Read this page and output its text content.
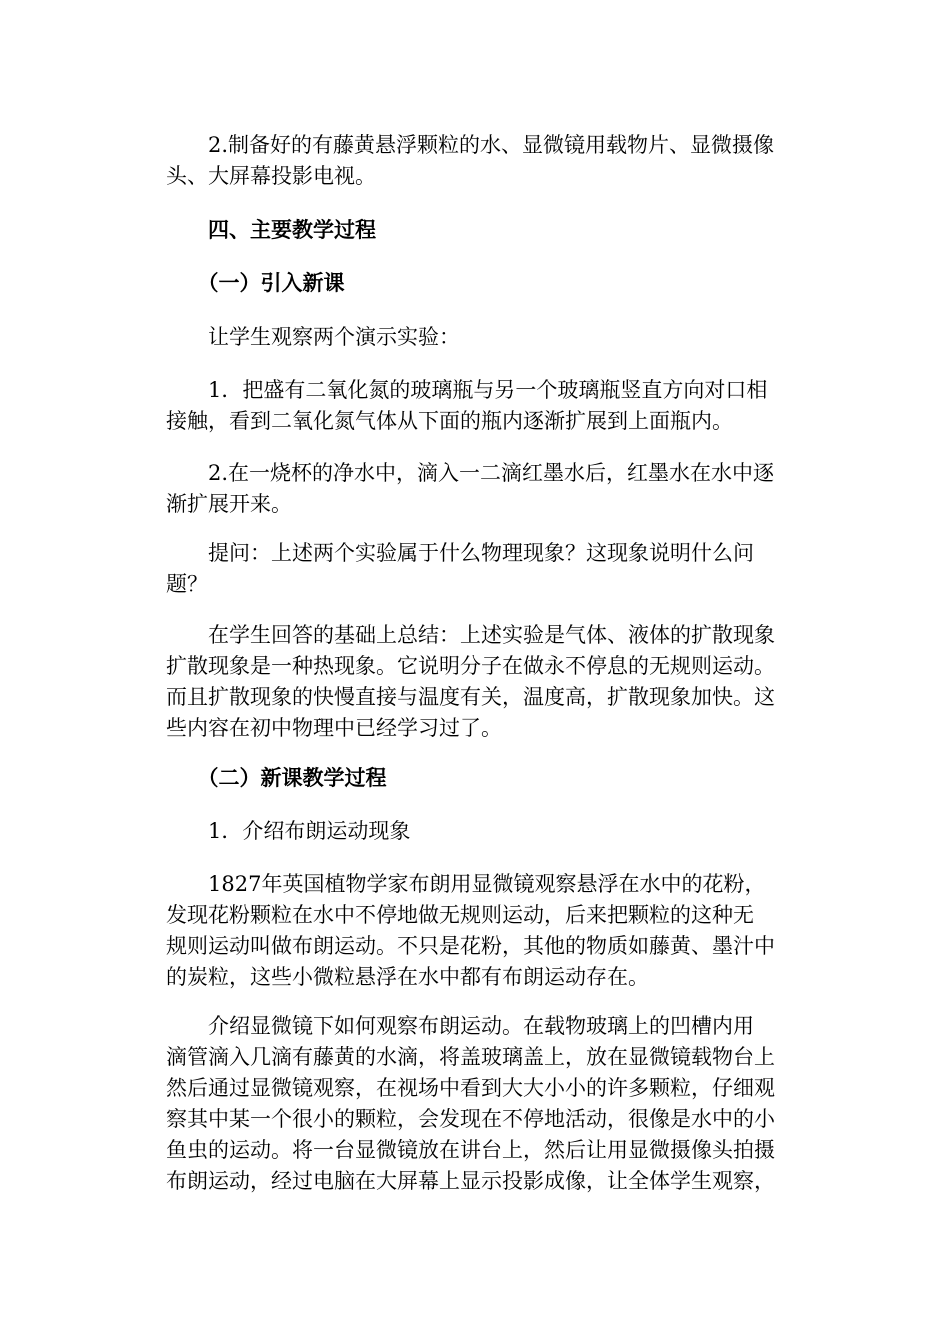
　　2.制备好的有藤黄悬浮颗粒的水、显微镜用载物片、显微摄像
头、大屏幕投影电视。
　　四、主要教学过程
　　（一）引入新课
　　让学生观察两个演示实验：
　　1．把盛有二氧化氮的玻璃瓶与另一个玻璃瓶竖直方向对口相
接触，看到二氧化氮气体从下面的瓶内逐渐扩展到上面瓶内。
　　2.在一烧杯的净水中，滴入一二滴红墨水后，红墨水在水中逐
渐扩展开来。
　　提问：上述两个实验属于什么物理现象？这现象说明什么问
题？
　　在学生回答的基础上总结：上述实验是气体、液体的扩散现象
扩散现象是一种热现象。它说明分子在做永不停息的无规则运动。
而且扩散现象的快慢直接与温度有关，温度高，扩散现象加快。这
些内容在初中物理中已经学习过了。
　　（二）新课教学过程
　　1．介绍布朗运动现象
　　1827年英国植物学家布朗用显微镜观察悬浮在水中的花粉，
发现花粉颗粒在水中不停地做无规则运动，后来把颗粒的这种无
规则运动叫做布朗运动。不只是花粉，其他的物质如藤黄、墨汁中
的炭粒，这些小微粒悬浮在水中都有布朗运动存在。
　　介绍显微镜下如何观察布朗运动。在载物玻璃上的凹槽内用
滴管滴入几滴有藤黄的水滴，将盖玻璃盖上，放在显微镜载物台上
然后通过显微镜观察，在视场中看到大大小小的许多颗粒，仔细观
察其中某一个很小的颗粒，会发现在不停地活动，很像是水中的小
鱼虫的运动。将一台显微镜放在讲台上，然后让用显微摄像头拍摄
布朗运动，经过电脑在大屏幕上显示投影成像，让全体学生观察，
